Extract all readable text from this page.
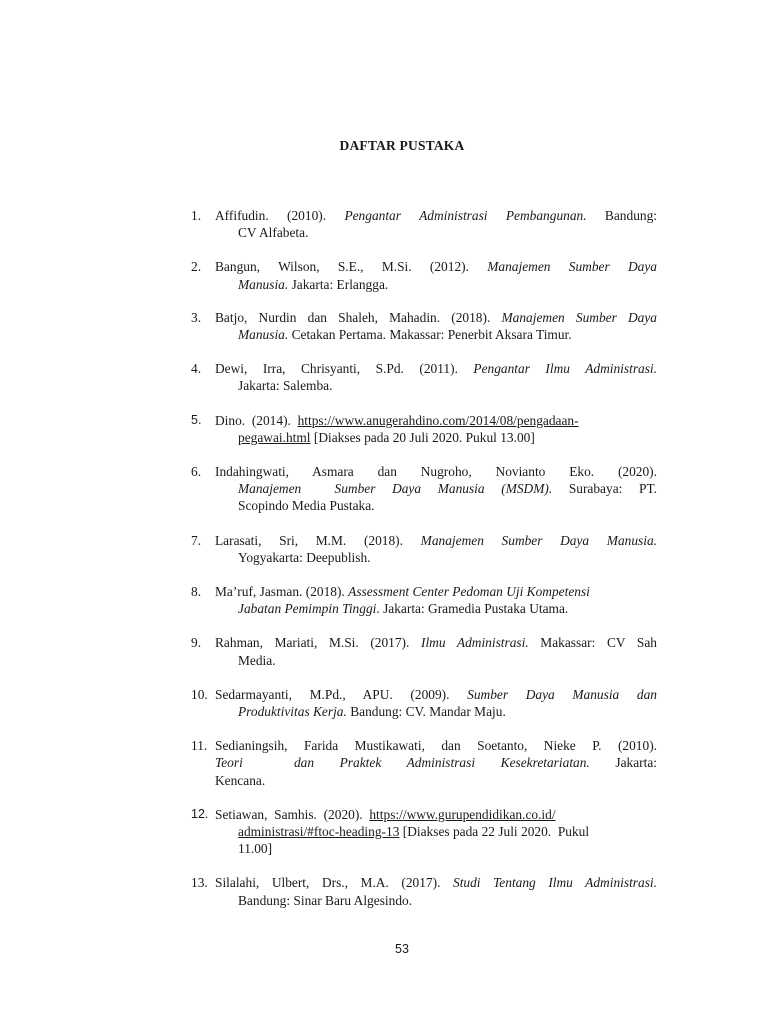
DAFTAR PUSTAKA
1. Affifudin. (2010). Pengantar Administrasi Pembangunan. Bandung:
CV Alfabeta.
2. Bangun, Wilson, S.E., M.Si. (2012). Manajemen Sumber Daya
Manusia. Jakarta: Erlangga.
3. Batjo, Nurdin dan Shaleh, Mahadin. (2018). Manajemen Sumber Daya
Manusia. Cetakan Pertama. Makassar: Penerbit Aksara Timur.
4. Dewi, Irra, Chrisyanti, S.Pd. (2011). Pengantar Ilmu Administrasi.
Jakarta: Salemba.
5. Dino.  (2014).  https://www.anugerahdino.com/2014/08/pengadaan-
pegawai.html [Diakses pada 20 Juli 2020. Pukul 13.00]
6. Indahingwati, Asmara dan Nugroho, Novianto Eko. (2020).
Manajemen  Sumber Daya Manusia (MSDM). Surabaya: PT.
Scopindo Media Pustaka.
7. Larasati, Sri, M.M. (2018). Manajemen Sumber Daya Manusia.
Yogyakarta: Deepublish.
8. Ma’ruf, Jasman. (2018). Assessment Center Pedoman Uji Kompetensi
Jabatan Pemimpin Tinggi. Jakarta: Gramedia Pustaka Utama.
9. Rahman, Mariati, M.Si. (2017). Ilmu Administrasi. Makassar: CV Sah
Media.
10. Sedarmayanti, M.Pd., APU. (2009). Sumber Daya Manusia dan
Produktivitas Kerja. Bandung: CV. Mandar Maju.
11. Sedianingsih, Farida Mustikawati, dan Soetanto, Nieke P. (2010).
Teori  dan Praktek Administrasi Kesekretariatan. Jakarta:
Kencana.
12. Setiawan,  Samhis.  (2020).  https://www.gurupendidikan.co.id/
administrasi/#ftoc-heading-13 [Diakses pada 22 Juli 2020.  Pukul
11.00]
13. Silalahi, Ulbert, Drs., M.A. (2017). Studi Tentang Ilmu Administrasi.
Bandung: Sinar Baru Algesindo.
53
